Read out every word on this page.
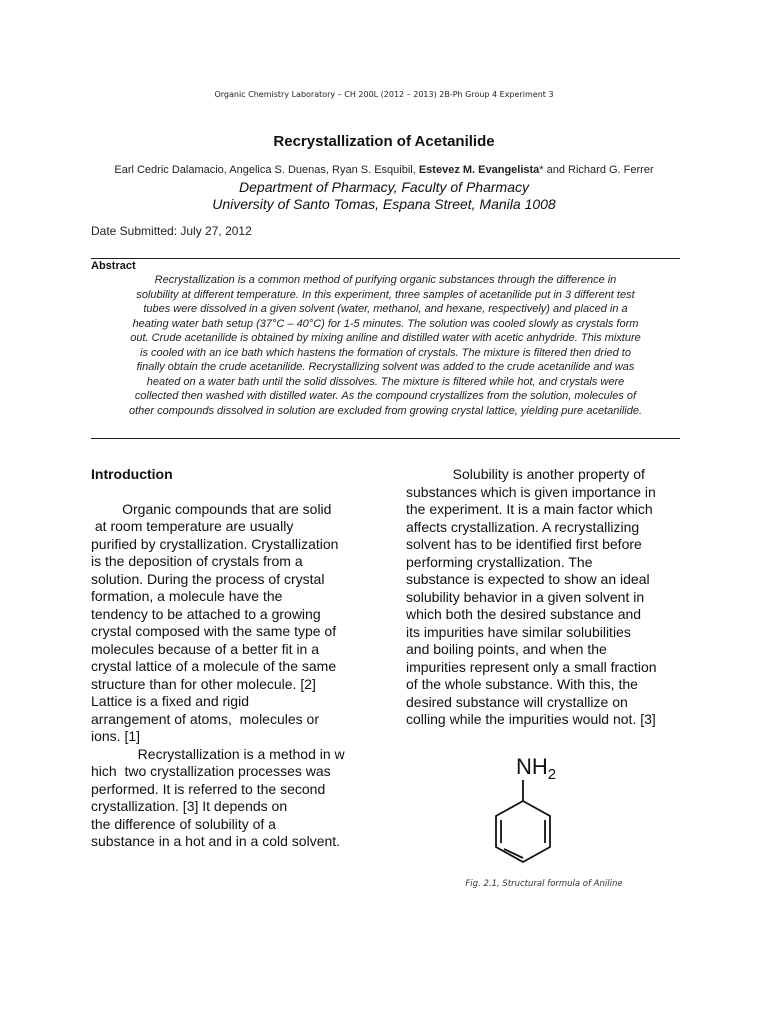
Organic Chemistry Laboratory – CH 200L (2012 – 2013) 2B-Ph Group 4 Experiment 3
Recrystallization of Acetanilide
Earl Cedric Dalamacio, Angelica S. Duenas, Ryan S. Esquibil, Estevez M. Evangelista* and Richard G. Ferrer
Department of Pharmacy, Faculty of Pharmacy
University of Santo Tomas, Espana Street, Manila 1008
Date Submitted: July 27, 2012
Abstract
Recrystallization is a common method of purifying organic substances through the difference in
solubility at different temperature. In this experiment, three samples of acetanilide put in 3 different test
tubes were dissolved in a given solvent (water, methanol, and hexane, respectively) and placed in a
heating water bath setup (37°C – 40°C) for 1-5 minutes. The solution was cooled slowly as crystals form
out. Crude acetanilide is obtained by mixing aniline and distilled water with acetic anhydride. This mixture
is cooled with an ice bath which hastens the formation of crystals. The mixture is filtered then dried to
finally obtain the crude acetanilide. Recrystallizing solvent was added to the crude acetanilide and was
heated on a water bath until the solid dissolves. The mixture is filtered while hot, and crystals were
collected then washed with distilled water. As the compound crystallizes from the solution, molecules of
other compounds dissolved in solution are excluded from growing crystal lattice, yielding pure acetanilide.
Introduction
Organic compounds that are solid
at room temperature are usually
purified by crystallization. Crystallization
is the deposition of crystals from a
solution. During the process of crystal
formation, a molecule have the
tendency to be attached to a growing
crystal composed with the same type of
molecules because of a better fit in a
crystal lattice of a molecule of the same
structure than for other molecule. [2]
Lattice is a fixed and rigid
arrangement of atoms,  molecules or
ions. [1]
Recrystallization is a method in w
hich  two crystallization processes was
performed. It is referred to the second
crystallization. [3] It depends on
the difference of solubility of a
substance in a hot and in a cold solvent.
Solubility is another property of
substances which is given importance in
the experiment. It is a main factor which
affects crystallization. A recrystallizing
solvent has to be identified first before
performing crystallization. The
substance is expected to show an ideal
solubility behavior in a given solvent in
which both the desired substance and
its impurities have similar solubilities
and boiling points, and when the
impurities represent only a small fraction
of the whole substance. With this, the
desired substance will crystallize on
colling while the impurities would not. [3]
$NH_2$
Fig. 2.1, Structural formula of Aniline
